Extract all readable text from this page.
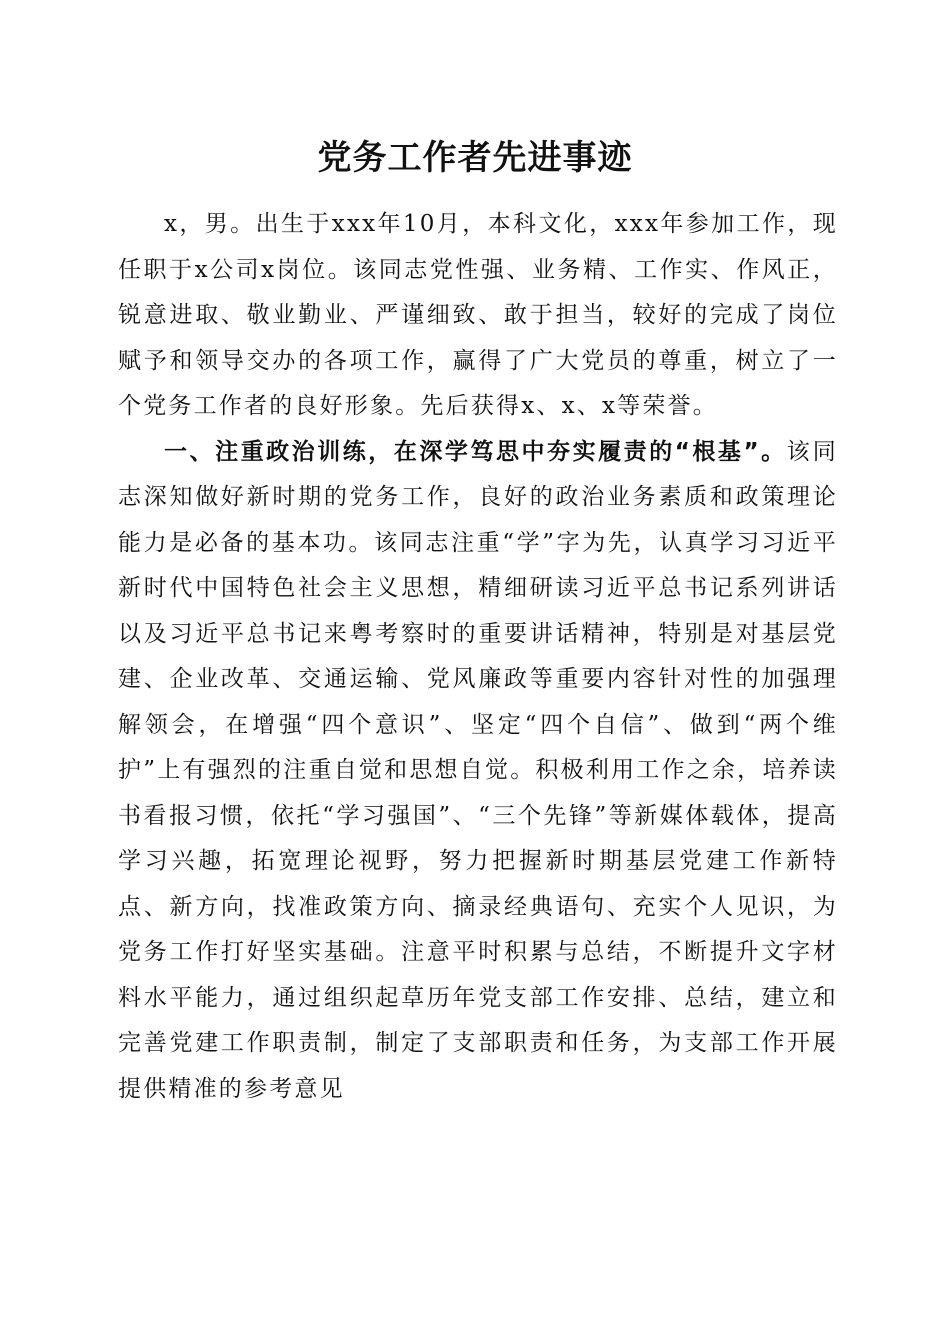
党务工作者先进事迹

x，男。出生于xxx年10月，本科文化，xxx年参加工作，现任职于x公司x岗位。该同志党性强、业务精、工作实、作风正，锐意进取、敬业勤业、严谨细致、敢于担当，较好的完成了岗位赋予和领导交办的各项工作，赢得了广大党员的尊重，树立了一个党务工作者的良好形象。先后获得x、x、x等荣誉。

一、注重政治训练，在深学笃思中夯实履责的“根基”。该同志深知做好新时期的党务工作，良好的政治业务素质和政策理论能力是必备的基本功。该同志注重“学”字为先，认真学习习近平新时代中国特色社会主义思想，精细研读习近平总书记系列讲话以及习近平总书记来粤考察时的重要讲话精神，特别是对基层党建、企业改革、交通运输、党风廉政等重要内容针对性的加强理解领会，在增强“四个意识”、坚定“四个自信”、做到“两个维护”上有强烈的注重自觉和思想自觉。积极利用工作之余，培养读书看报习惯，依托“学习强国”、“三个先锋”等新媒体载体，提高学习兴趣，拓宽理论视野，努力把握新时期基层党建工作新特点、新方向，找准政策方向、摘录经典语句、充实个人见识，为党务工作打好坚实基础。注意平时积累与总结，不断提升文字材料水平能力，通过组织起草历年党支部工作安排、总结，建立和完善党建工作职责制，制定了支部职责和任务，为支部工作开展提供精准的参考意见
